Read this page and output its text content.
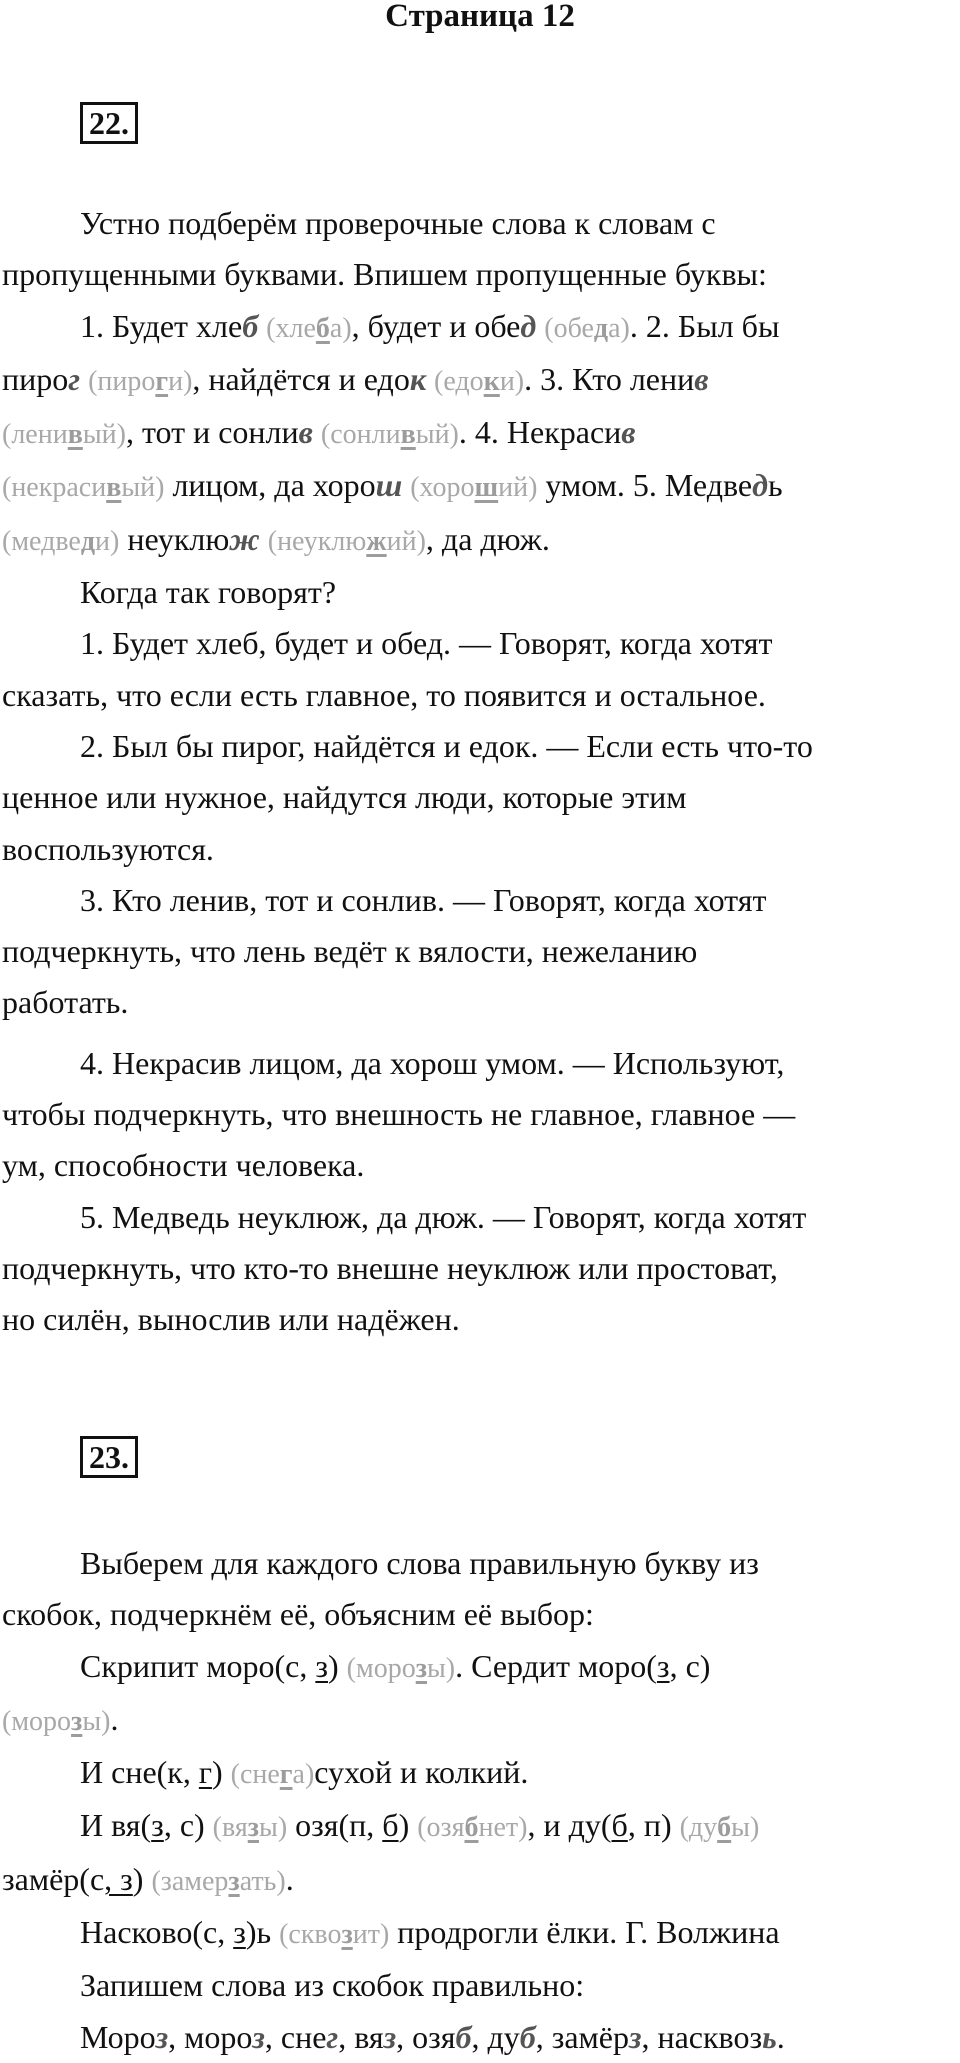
Страница 12
22.

Устно подберём проверочные слова к словам с

пропущенными буквами. Впишем пропущенные буквы:

1. Будет хлеб (хлеба), будет и обед (обеда). 2. Был бы

пирог (пироги), найдётся и едок (едоки). 3. Кто ленив

(ленивый), тот и сонлив (сонливый). 4. Некрасив

(некрасивый) лицом, да хорош (хороший) умом. 5. Медведь

(медведи) неуклюж (неуклюжий), да дюж.

Когда так говорят?

1. Будет хлеб, будет и обед. — Говорят, когда хотят

сказать, что если есть главное, то появится и остальное.

2. Был бы пирог, найдётся и едок. — Если есть что-то

ценное или нужное, найдутся люди, которые этим

воспользуются.

3. Кто ленив, тот и сонлив. — Говорят, когда хотят

подчеркнуть, что лень ведёт к вялости, нежеланию

работать.

4. Некрасив лицом, да хорош умом. — Используют,

чтобы подчеркнуть, что внешность не главное, главное —

ум, способности человека.

5. Медведь неуклюж, да дюж. — Говорят, когда хотят

подчеркнуть, что кто-то внешне неуклюж или простоват,

но силён, вынослив или надёжен.

23.

Выберем для каждого слова правильную букву из

скобок, подчеркнём её, объясним её выбор:

Скрипит моро(с, з) (морозы). Сердит моро(з, с)

(морозы).

И сне(к, г) (снега)сухой и колкий.

И вя(з, с) (вязы) озя(п, б) (озябнет), и ду(б, п) (дубы)

замёр(с, з) (замерзать).

Насково(с, з)ь (сквозит) продрогли ёлки. Г. Волжина

Запишем слова из скобок правильно:

Мороз, мороз, снег, вяз, озяб, дуб, замёрз, насквозь.
